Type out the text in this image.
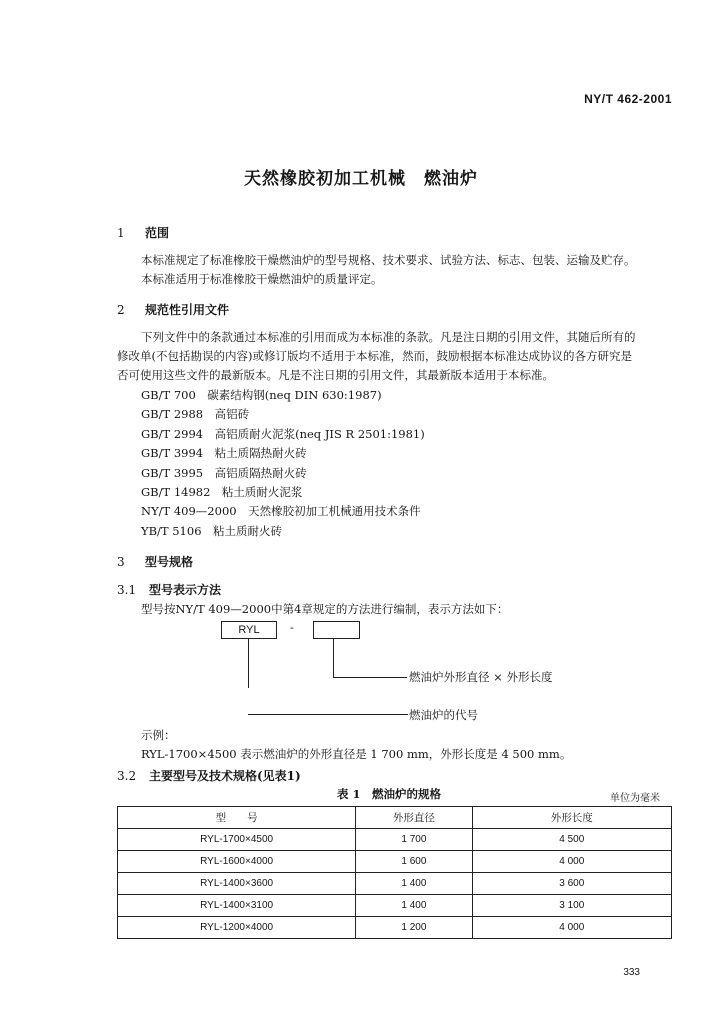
NY/T 462-2001
天然橡胶初加工机械　燃油炉
1 范围

本标准规定了标准橡胶干燥燃油炉的型号规格、技术要求、试验方法、标志、包装、运输及贮存。

本标准适用于标准橡胶干燥燃油炉的质量评定。

2 规范性引用文件

下列文件中的条款通过本标准的引用而成为本标准的条款。凡是注日期的引用文件，其随后所有的

修改单(不包括勘误的内容)或修订版均不适用于本标准，然而，鼓励根据本标准达成协议的各方研究是

否可使用这些文件的最新版本。凡是不注日期的引用文件，其最新版本适用于本标准。

GB/T 700　碳素结构钢(neq DIN 630:1987)
GB/T 2988　高铝砖
GB/T 2994　高铝质耐火泥浆(neq JIS R 2501:1981)
GB/T 3994　粘土质隔热耐火砖
GB/T 3995　高铝质隔热耐火砖
GB/T 14982　粘土质耐火泥浆
NY/T 409—2000　天然橡胶初加工机械通用技术条件
YB/T 5106　粘土质耐火砖
3 型号规格
3.1 型号表示方法
型号按NY/T 409—2000中第4章规定的方法进行编制，表示方法如下：
RYL	-
燃油炉外形直径 × 外形长度
燃油炉的代号
示例：
RYL-1700×4500 表示燃油炉的外形直径是 1 700 mm，外形长度是 4 500 mm。
3.2 主要型号及技术规格(见表1)
表 1　燃油炉的规格	单位为毫米
型　　号	外形直径	外形长度
RYL-1700×4500	1 700	4 500
RYL-1600×4000	1 600	4 000
RYL-1400×3600	1 400	3 600
RYL-1400×3100	1 400	3 100
RYL-1200×4000	1 200	4 000
333
